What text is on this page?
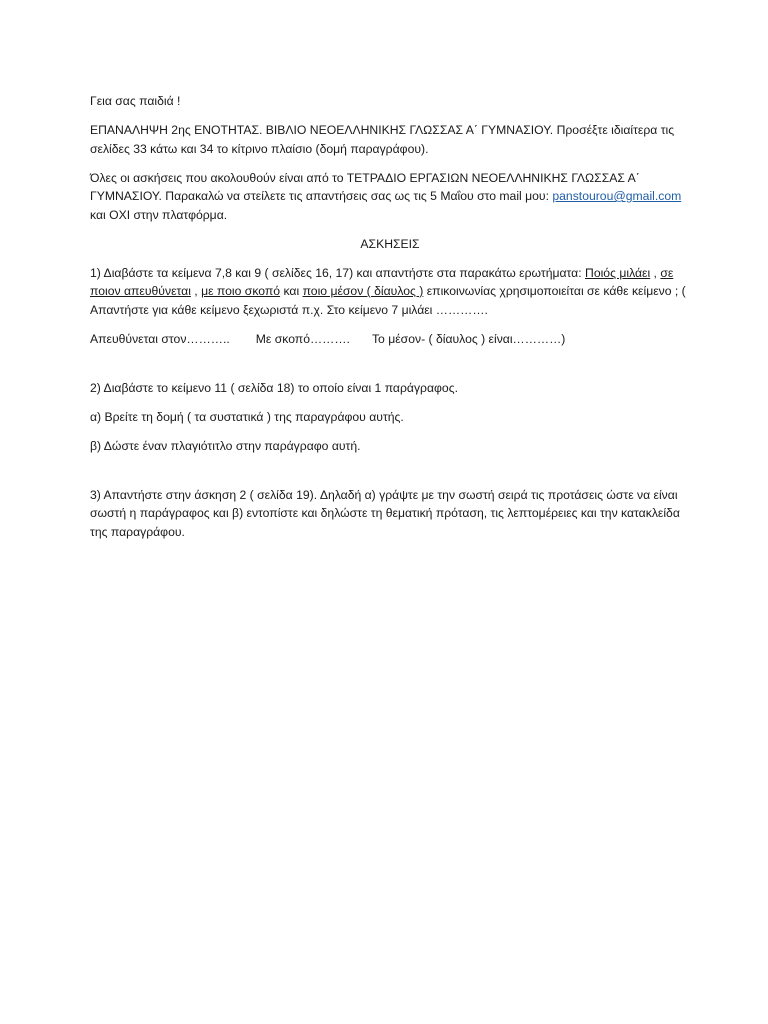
Γεια σας παιδιά !

ΕΠΑΝΑΛΗΨΗ 2ης ΕΝΟΤΗΤΑΣ. ΒΙΒΛΙΟ ΝΕΟΕΛΛΗΝΙΚΗΣ ΓΛΩΣΣΑΣ Α΄ ΓΥΜΝΑΣΙΟΥ. Προσέξτε ιδιαίτερα τις σελίδες 33 κάτω και 34 το κίτρινο πλαίσιο (δομή παραγράφου).

Όλες οι ασκήσεις που ακολουθούν είναι από το ΤΕΤΡΑΔΙΟ ΕΡΓΑΣΙΩΝ ΝΕΟΕΛΛΗΝΙΚΗΣ ΓΛΩΣΣΑΣ Α΄ ΓΥΜΝΑΣΙΟΥ. Παρακαλώ να στείλετε τις απαντήσεις σας ως τις 5 Μαΐου στο mail μου: panstourou@gmail.com και ΟΧΙ στην πλατφόρμα.

ΑΣΚΗΣΕΙΣ

1) Διαβάστε τα κείμενα 7,8 και 9 ( σελίδες 16, 17) και απαντήστε στα παρακάτω ερωτήματα: Ποιός μιλάει , σε ποιον απευθύνεται , με ποιο σκοπό και ποιο μέσον ( δίαυλος ) επικοινωνίας χρησιμοποιείται σε κάθε κείμενο ; ( Απαντήστε για κάθε κείμενο ξεχωριστά π.χ. Στο κείμενο 7 μιλάει ………….

Απευθύνεται στον……….. Με σκοπό………. Το μέσον- ( δίαυλος ) είναι…………)

2) Διαβάστε το κείμενο 11 ( σελίδα 18) το οποίο είναι 1 παράγραφος.

α) Βρείτε τη δομή ( τα συστατικά ) της παραγράφου αυτής.

β) Δώστε έναν πλαγιότιτλο στην παράγραφο αυτή.

3) Απαντήστε στην άσκηση 2 ( σελίδα 19). Δηλαδή α) γράψτε με την σωστή σειρά τις προτάσεις ώστε να είναι σωστή η παράγραφος και β) εντοπίστε και δηλώστε τη θεματική πρόταση, τις λεπτομέρειες και την κατακλείδα της παραγράφου.
